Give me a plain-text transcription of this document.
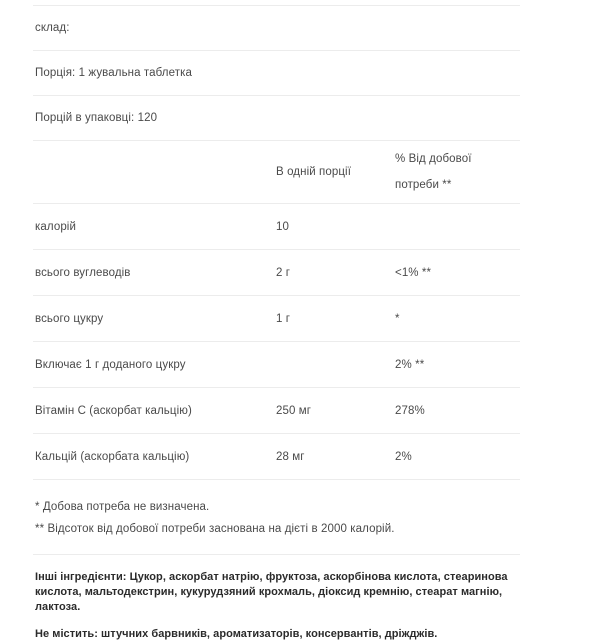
склад:
Порція: 1 жувальна таблетка
Порцій в упаковці: 120

	В одній порції	% Від добової
потреби **

калорій	10	
всього вуглеводів	2 г	<1% **
всього цукру	1 г	*
Включає 1 г доданого цукру		2% **
Вітамін C (аскорбат кальцію)	250 мг	278%
Кальцій (аскорбата кальцію)	28 мг	2%
* Добова потреба не визначена.
** Відсоток від добової потреби заснована на дієті в 2000 калорій.
Інші інгредієнти: Цукор, аскорбат натрію, фруктоза, аскорбінова кислота, стеаринова кислота, мальтодекстрин, кукурудзяний крохмаль, діоксид кремнію, стеарат магнію, лактоза.
Не містить: штучних барвників, ароматизаторів, консервантів, дріжджів.
